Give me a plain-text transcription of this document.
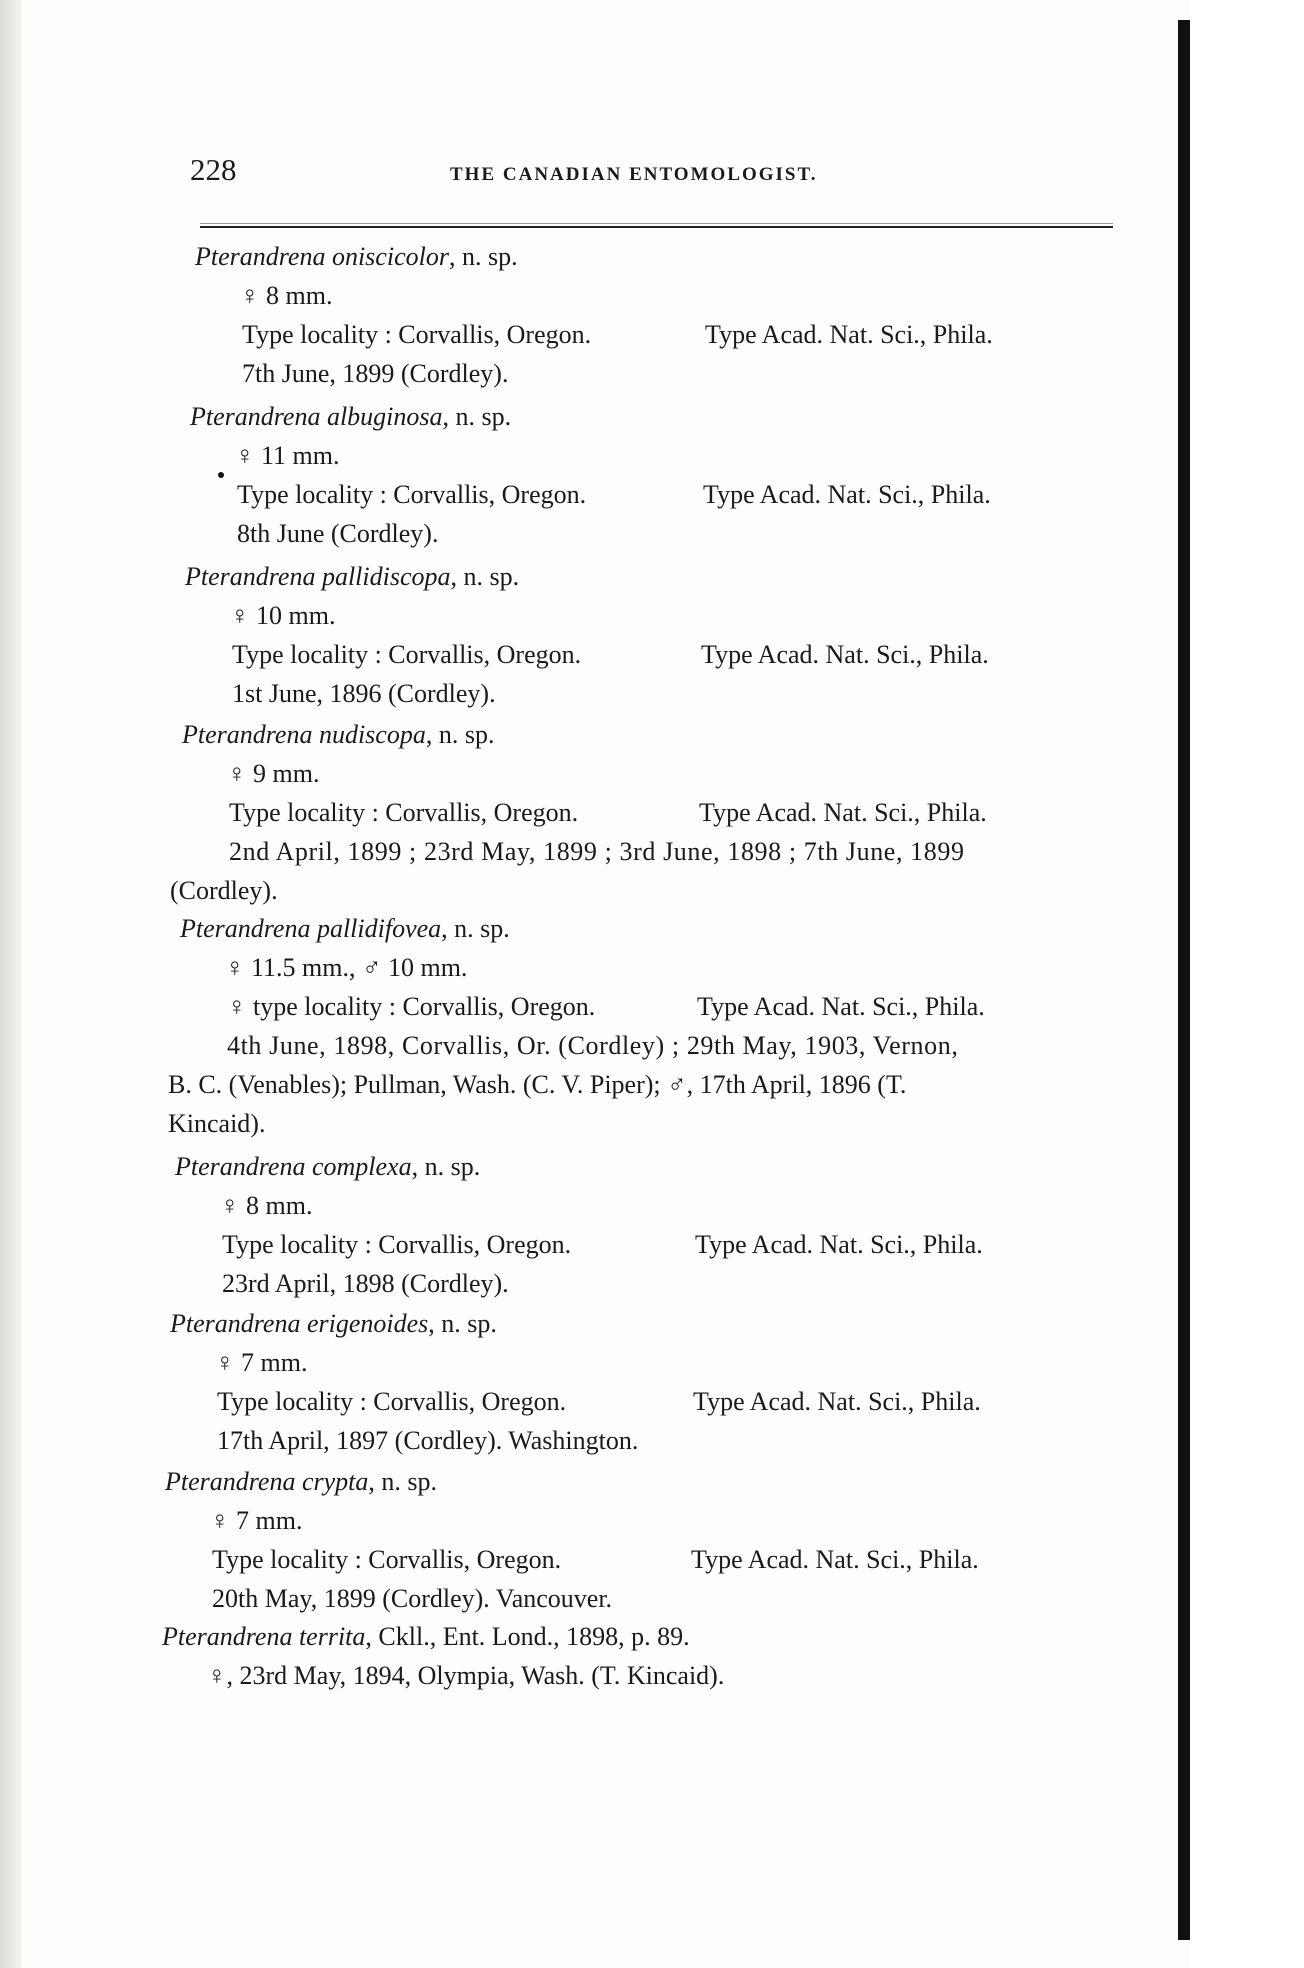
228	THE CANADIAN ENTOMOLOGIST.
Pterandrena oniscicolor, n. sp.
♀ 8 mm.
Type locality : Corvallis, Oregon.	Type Acad. Nat. Sci., Phila.
7th June, 1899 (Cordley).
Pterandrena albuginosa, n. sp.
♀ 11 mm.
Type locality : Corvallis, Oregon.	Type Acad. Nat. Sci., Phila.
8th June (Cordley).
Pterandrena pallidiscopa, n. sp.
♀ 10 mm.
Type locality : Corvallis, Oregon.	Type Acad. Nat. Sci., Phila.
1st June, 1896 (Cordley).
Pterandrena nudiscopa, n. sp.
♀ 9 mm.
Type locality : Corvallis, Oregon.	Type Acad. Nat. Sci., Phila.
2nd April, 1899 ; 23rd May, 1899 ; 3rd June, 1898 ; 7th June, 1899
(Cordley).
Pterandrena pallidifovea, n. sp.
♀ 11.5 mm., ♂ 10 mm.
♀ type locality : Corvallis, Oregon.	Type Acad. Nat. Sci., Phila.
4th June, 1898, Corvallis, Or. (Cordley) ; 29th May, 1903, Vernon,
B. C. (Venables); Pullman, Wash. (C. V. Piper); ♂, 17th April, 1896 (T.
Kincaid).
Pterandrena complexa, n. sp.
♀ 8 mm.
Type locality : Corvallis, Oregon.	Type Acad. Nat. Sci., Phila.
23rd April, 1898 (Cordley).
Pterandrena erigenoides, n. sp.
♀ 7 mm.
Type locality : Corvallis, Oregon.	Type Acad. Nat. Sci., Phila.
17th April, 1897 (Cordley). Washington.
Pterandrena crypta, n. sp.
♀ 7 mm.
Type locality : Corvallis, Oregon.	Type Acad. Nat. Sci., Phila.
20th May, 1899 (Cordley). Vancouver.
Pterandrena territa, Ckll., Ent. Lond., 1898, p. 89.
♀, 23rd May, 1894, Olympia, Wash. (T. Kincaid).
